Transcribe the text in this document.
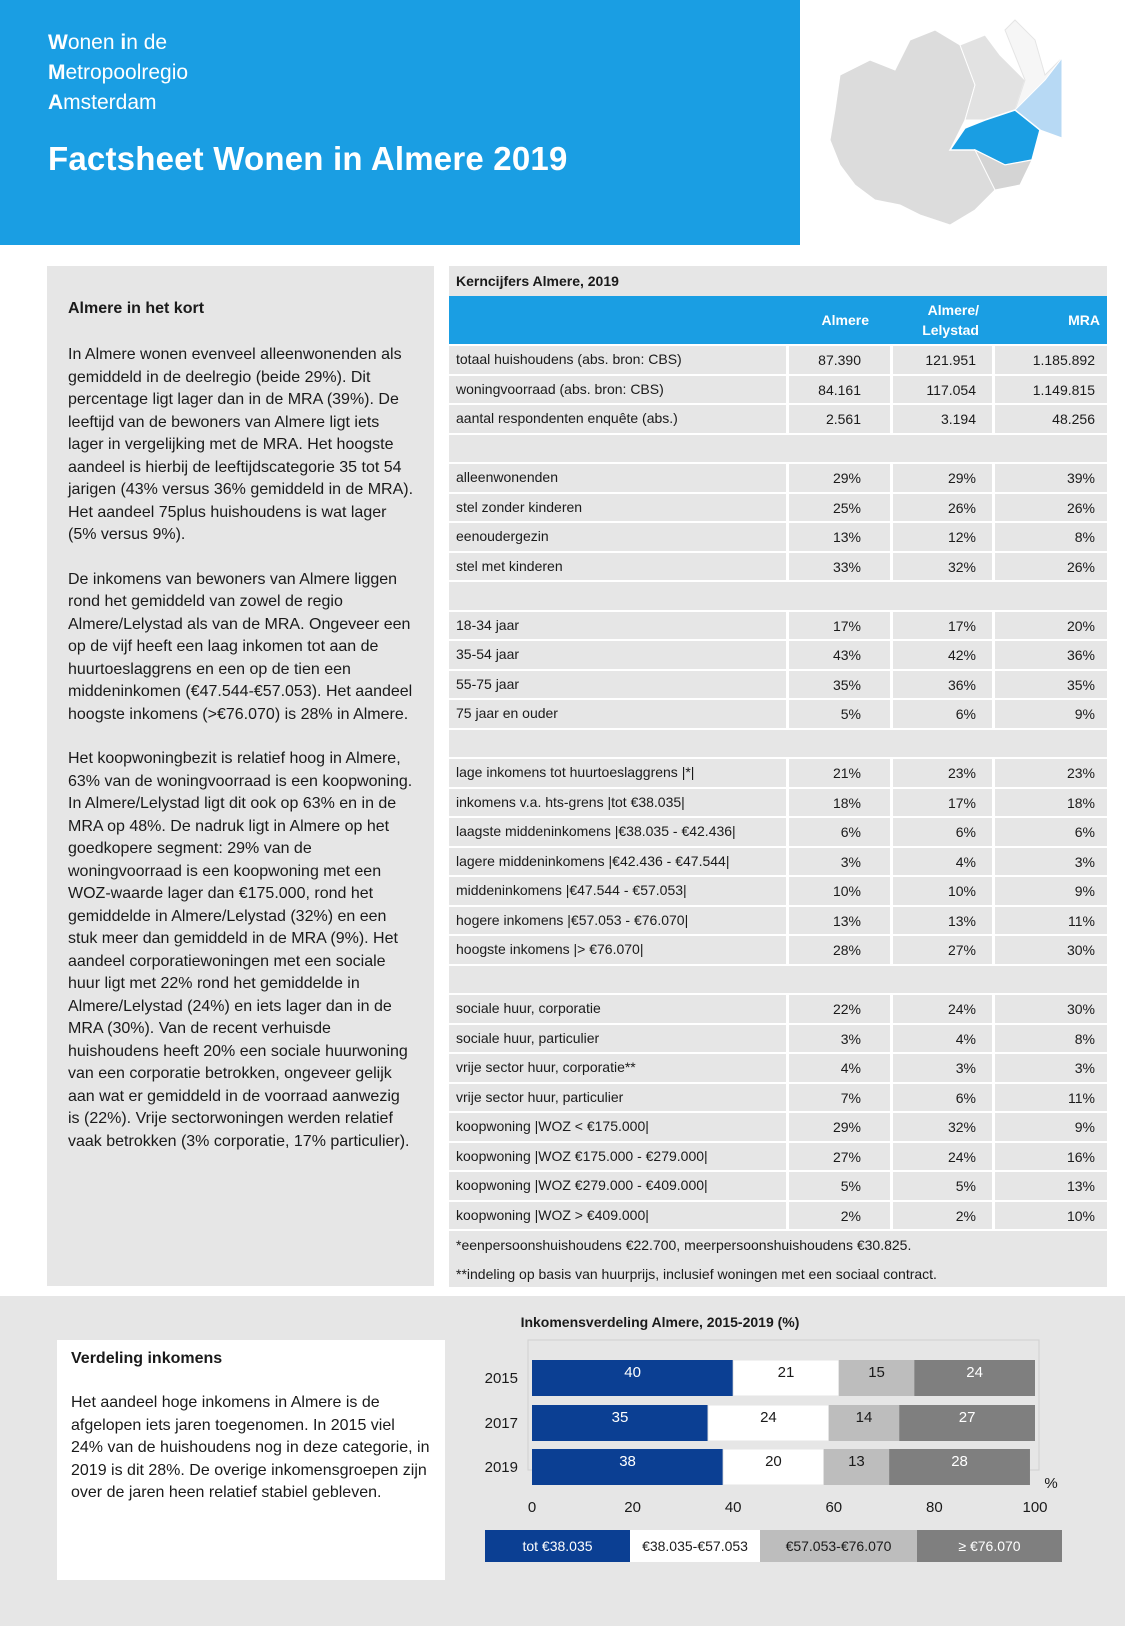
Wonen in de
Metropoolregio
Amsterdam
Factsheet Wonen in Almere 2019
Almere in het kort

In Almere wonen evenveel alleenwonenden als gemiddeld in de deelregio (beide 29%). Dit percentage ligt lager dan in de MRA (39%). De leeftijd van de bewoners van Almere ligt iets lager in vergelijking met de MRA. Het hoogste aandeel is hierbij de leeftijdscategorie 35 tot 54 jarigen (43% versus 36% gemiddeld in de MRA). Het aandeel 75plus huishoudens is wat lager (5% versus 9%).

De inkomens van bewoners van Almere liggen rond het gemiddeld van zowel de regio Almere/Lelystad als van de MRA. Ongeveer een op de vijf heeft een laag inkomen tot aan de huurtoeslaggrens en een op de tien een middeninkomen (€47.544-€57.053). Het aandeel hoogste inkomens (>€76.070) is 28% in Almere.

Het koopwoningbezit is relatief hoog in Almere, 63% van de woningvoorraad is een koopwoning. In Almere/Lelystad ligt dit ook op 63% en in de MRA op 48%. De nadruk ligt in Almere op het goedkopere segment: 29% van de woningvoorraad is een koopwoning met een WOZ-waarde lager dan €175.000, rond het gemiddelde in Almere/Lelystad (32%) en een stuk meer dan gemiddeld in de MRA (9%). Het aandeel corporatiewoningen met een sociale huur ligt met 22% rond het gemiddelde in Almere/Lelystad (24%) en iets lager dan in de MRA (30%). Van de recent verhuisde huishoudens heeft 20% een sociale huurwoning van een corporatie betrokken, ongeveer gelijk aan wat er gemiddeld in de voorraad aanwezig is (22%). Vrije sectorwoningen werden relatief vaak betrokken (3% corporatie, 17% particulier).

Kerncijfers Almere, 2019
Almere
Almere/
Lelystad
MRA
totaal huishoudens (abs. bron: CBS)	87.390	121.951	1.185.892
woningvoorraad (abs. bron: CBS)	84.161	117.054	1.149.815
aantal respondenten enquête (abs.)	2.561	3.194	48.256
alleenwonenden	29%	29%	39%
stel zonder kinderen	25%	26%	26%
eenoudergezin	13%	12%	8%
stel met kinderen	33%	32%	26%
18-34 jaar	17%	17%	20%
35-54 jaar	43%	42%	36%
55-75 jaar	35%	36%	35%
75 jaar en ouder	5%	6%	9%
lage inkomens tot huurtoeslaggrens |*|	21%	23%	23%
inkomens v.a. hts-grens |tot €38.035|	18%	17%	18%
laagste middeninkomens |€38.035 - €42.436|	6%	6%	6%
lagere middeninkomens |€42.436 - €47.544|	3%	4%	3%
middeninkomens |€47.544 - €57.053|	10%	10%	9%
hogere inkomens |€57.053 - €76.070|	13%	13%	11%
hoogste inkomens |> €76.070|	28%	27%	30%
sociale huur, corporatie	22%	24%	30%
sociale huur, particulier	3%	4%	8%
vrije sector huur, corporatie**	4%	3%	3%
vrije sector huur, particulier	7%	6%	11%
koopwoning |WOZ < €175.000|	29%	32%	9%
koopwoning |WOZ €175.000 - €279.000|	27%	24%	16%
koopwoning |WOZ €279.000 - €409.000|	5%	5%	13%
koopwoning |WOZ > €409.000|	2%	2%	10%
*eenpersoonshuishoudens €22.700, meerpersoonshuishoudens €30.825.
**indeling op basis van huurprijs, inclusief woningen met een sociaal contract.
Verdeling inkomens

Het aandeel hoge inkomens in Almere is de afgelopen iets jaren toegenomen. In 2015 viel 24% van de huishoudens nog in deze categorie, in 2019 is dit 28%. De overige inkomensgroepen zijn over de jaren heen relatief stabiel gebleven.

Inkomensverdeling Almere, 2015-2019 (%)
2015	40	21	15	24
2017	35	24	14	27
2019	38	20	13	28
0	20	40	60	80	100
%
tot €38.035	€38.035-€57.053	€57.053-€76.070	≥ €76.070
